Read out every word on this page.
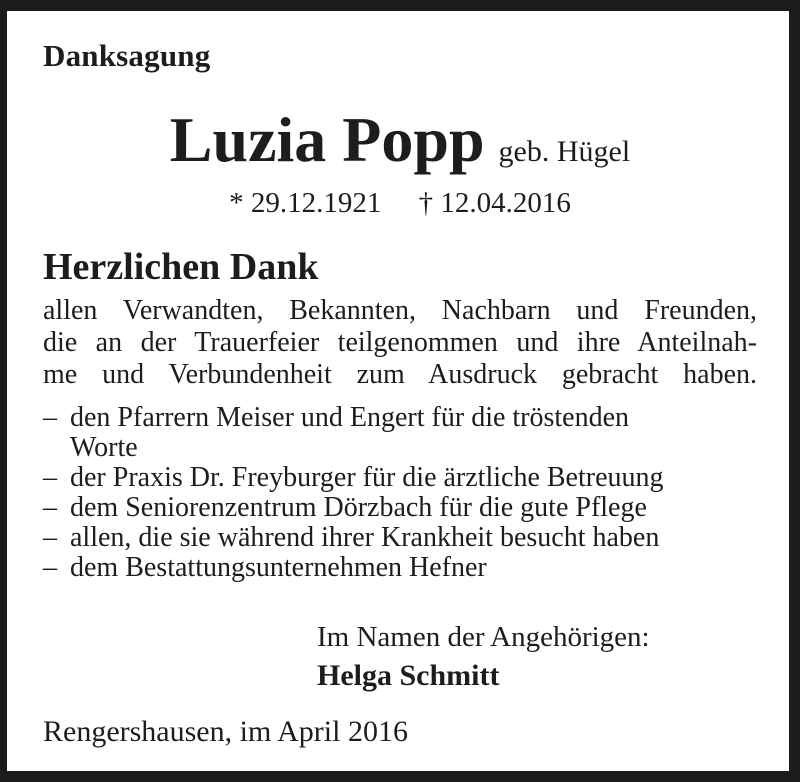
Danksagung
Luzia Popp geb. Hügel
* 29.12.1921 † 12.04.2016
Herzlichen Dank
allen Verwandten, Bekannten, Nachbarn und Freunden,
die an der Trauerfeier teilgenommen und ihre Anteilnah-
me und Verbundenheit zum Ausdruck gebracht haben.
– den Pfarrern Meiser und Engert für die tröstenden
Worte
– der Praxis Dr. Freyburger für die ärztliche Betreuung
– dem Seniorenzentrum Dörzbach für die gute Pflege
– allen, die sie während ihrer Krankheit besucht haben
– dem Bestattungsunternehmen Hefner
Im Namen der Angehörigen:
Helga Schmitt
Rengershausen, im April 2016
